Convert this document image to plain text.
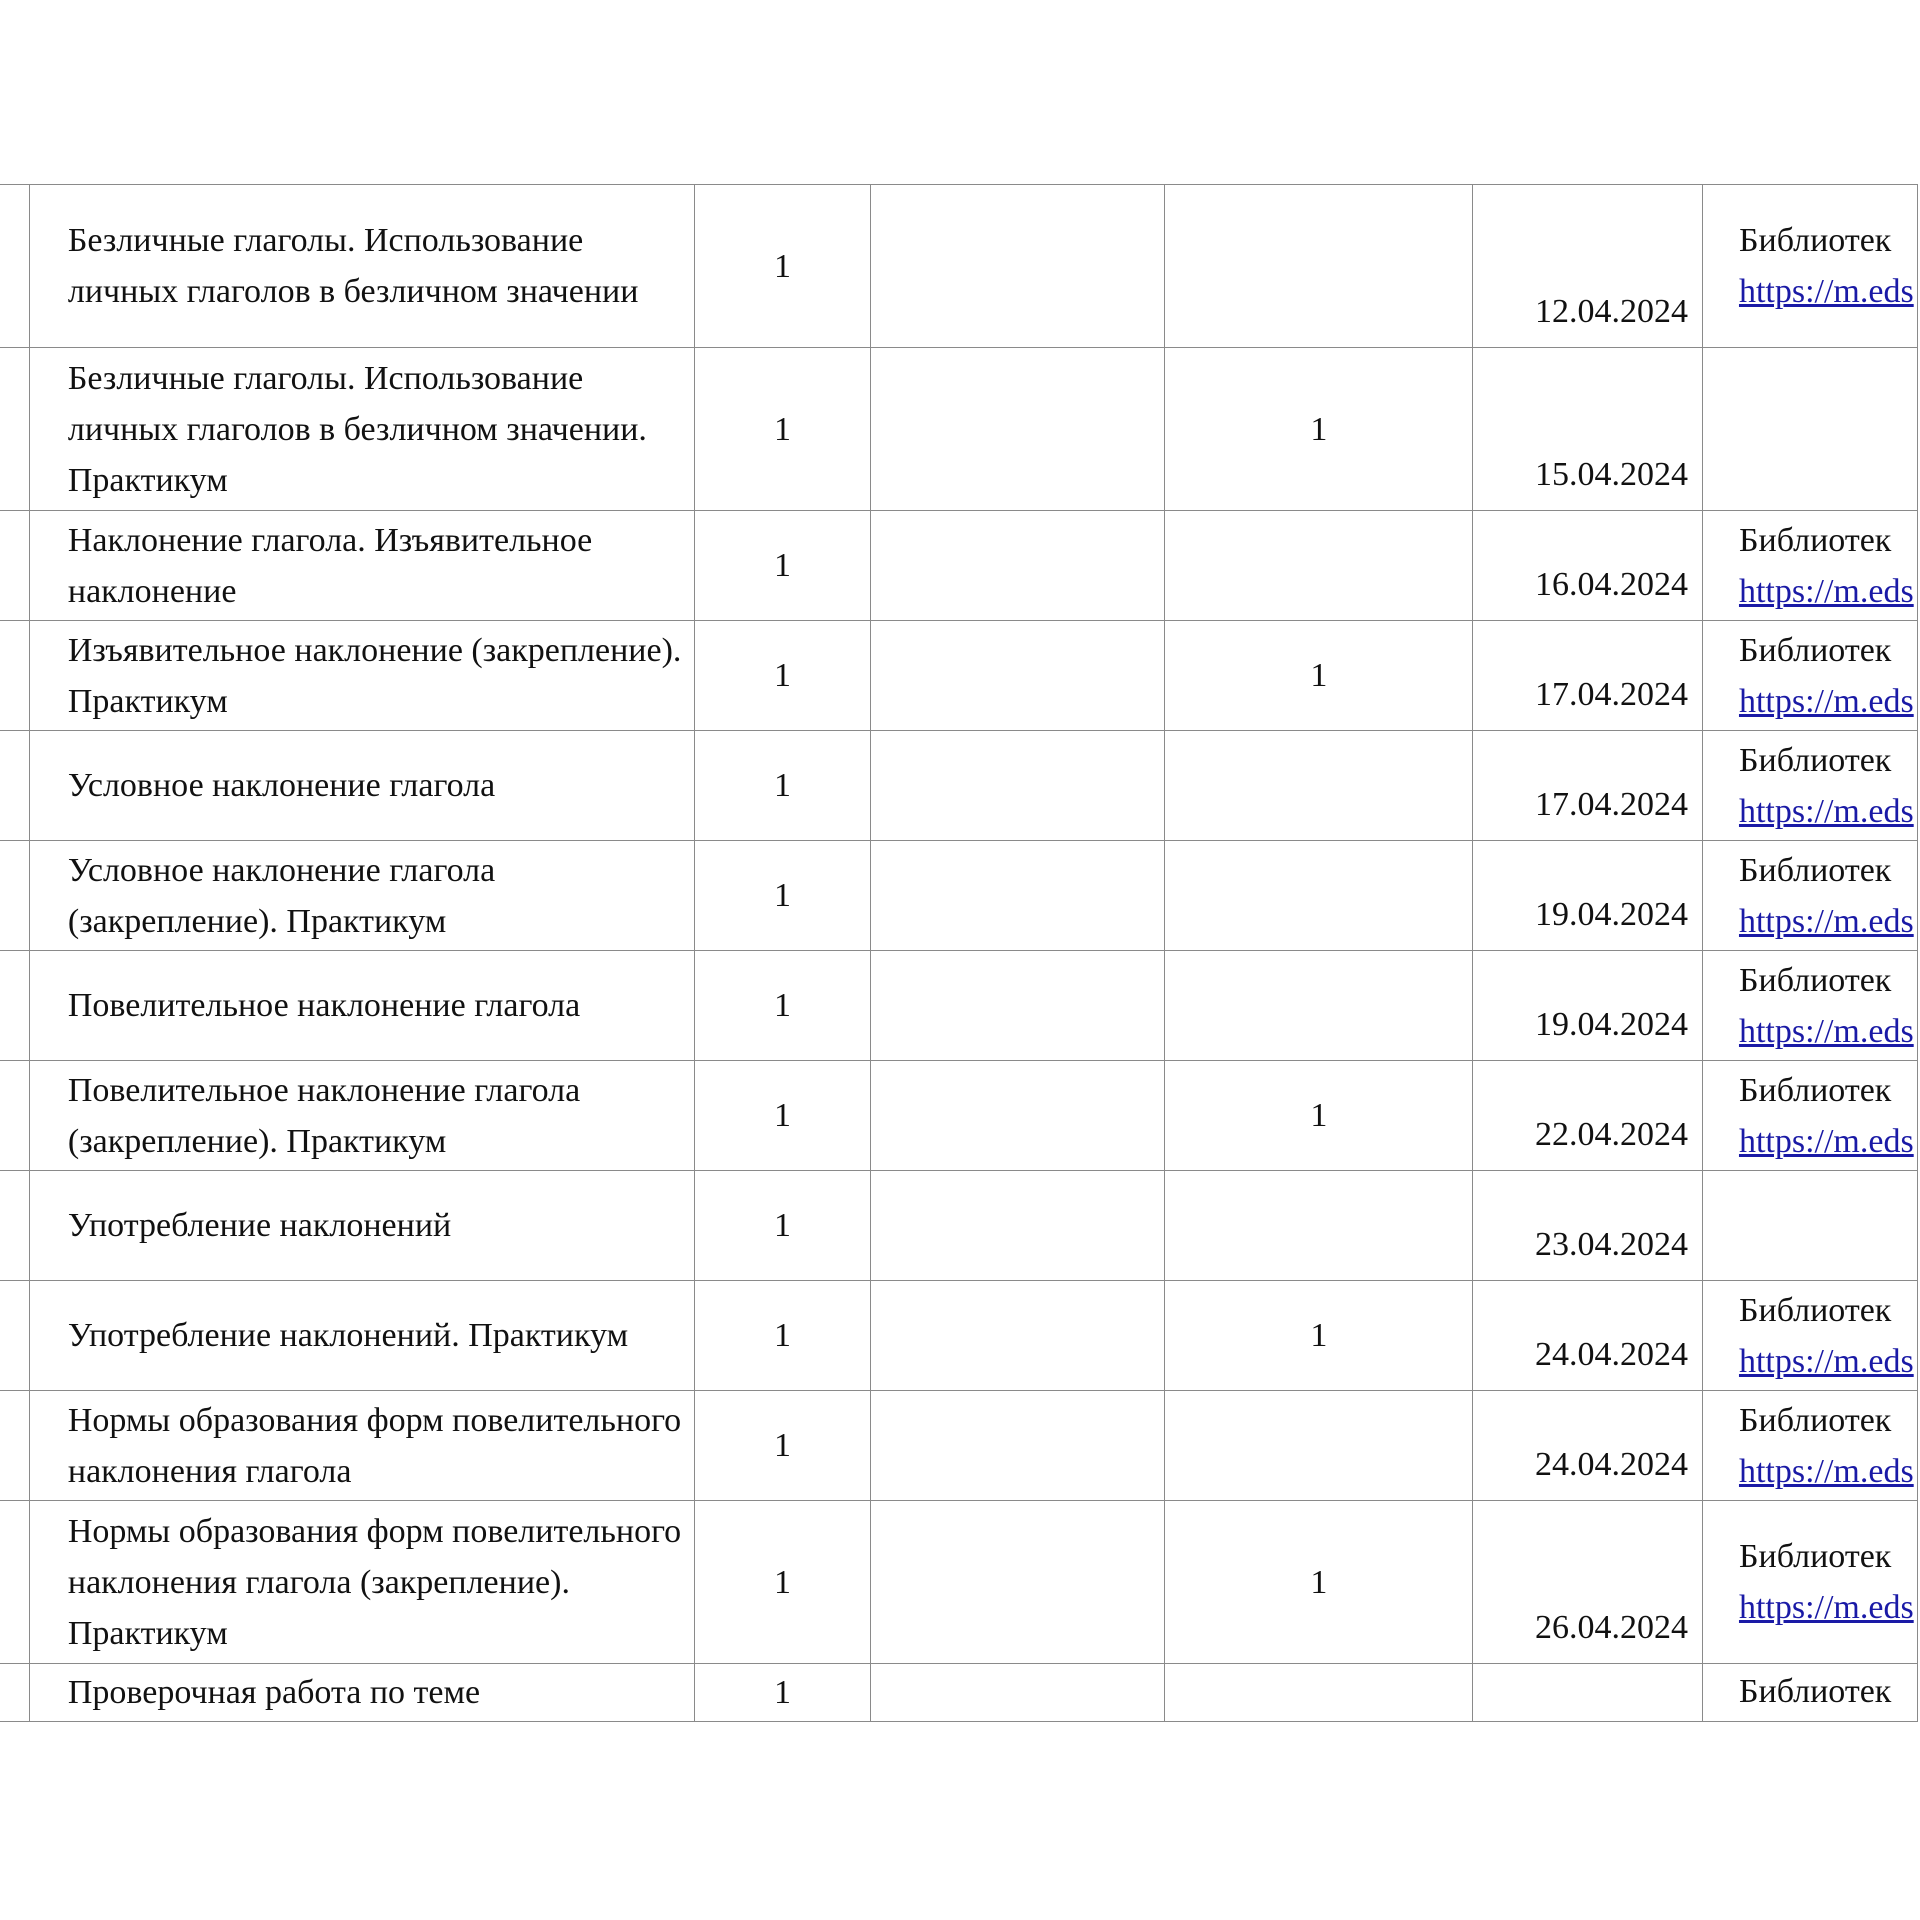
	Безличные глаголы. Использование личных глаголов в безличном значении	1			12.04.2024	Библиотек
https://m.eds

	Безличные глаголы. Использование личных глаголов в безличном значении. Практикум	1		1	15.04.2024	

	Наклонение глагола. Изъявительное наклонение	1			16.04.2024	Библиотек
https://m.eds

	Изъявительное наклонение (закрепление). Практикум	1		1	17.04.2024	Библиотек
https://m.eds

	Условное наклонение глагола	1			17.04.2024	Библиотек
https://m.eds

	Условное наклонение глагола (закрепление). Практикум	1			19.04.2024	Библиотек
https://m.eds

	Повелительное наклонение глагола	1			19.04.2024	Библиотек
https://m.eds

	Повелительное наклонение глагола (закрепление). Практикум	1		1	22.04.2024	Библиотек
https://m.eds

	Употребление наклонений	1			23.04.2024	

	Употребление наклонений. Практикум	1		1	24.04.2024	Библиотек
https://m.eds

	Нормы образования форм повелительного наклонения глагола	1			24.04.2024	Библиотек
https://m.eds

	Нормы образования форм повелительного наклонения глагола (закрепление). Практикум	1		1	26.04.2024	Библиотек
https://m.eds

	Проверочная работа по теме	1				Библиотек
